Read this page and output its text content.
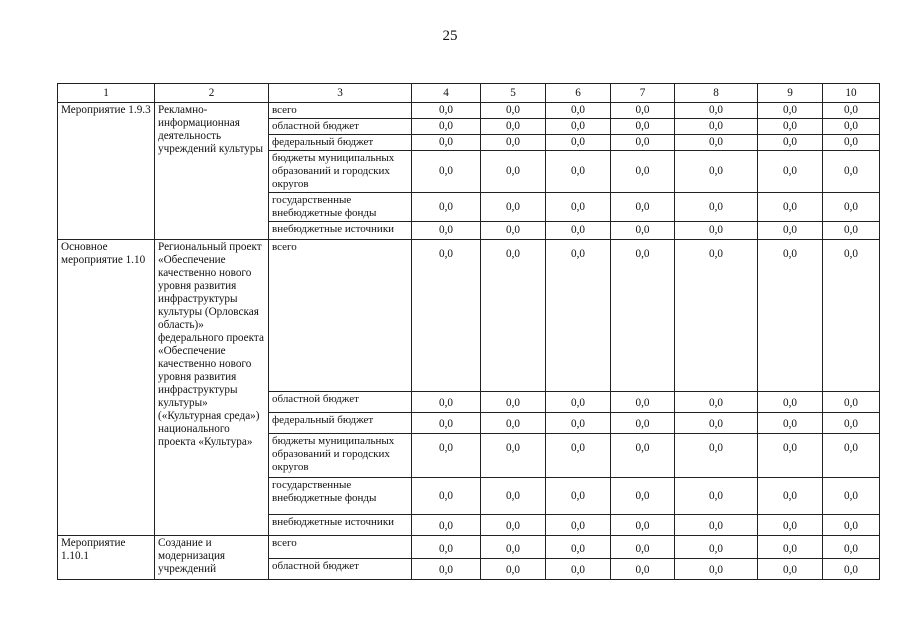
25
1	2	3	4	5	6	7	8	9	10
Мероприятие 1.9.3	Рекламно-информационная деятельность учреждений культуры	всего	0,0	0,0	0,0	0,0	0,0	0,0	0,0
		областной бюджет	0,0	0,0	0,0	0,0	0,0	0,0	0,0
		федеральный бюджет	0,0	0,0	0,0	0,0	0,0	0,0	0,0
		бюджеты муниципальных образований и городских округов	0,0	0,0	0,0	0,0	0,0	0,0	0,0
		государственные внебюджетные фонды	0,0	0,0	0,0	0,0	0,0	0,0	0,0
		внебюджетные источники	0,0	0,0	0,0	0,0	0,0	0,0	0,0
Основное мероприятие 1.10	Региональный проект «Обеспечение качественно нового уровня развития инфраструктуры культуры (Орловская область)» федерального проекта «Обеспечение качественно нового уровня развития инфраструктуры культуры» («Культурная среда») национального проекта «Культура»	всего	0,0	0,0	0,0	0,0	0,0	0,0	0,0
		областной бюджет	0,0	0,0	0,0	0,0	0,0	0,0	0,0
		федеральный бюджет	0,0	0,0	0,0	0,0	0,0	0,0	0,0
		бюджеты муниципальных образований и городских округов	0,0	0,0	0,0	0,0	0,0	0,0	0,0
		государственные внебюджетные фонды	0,0	0,0	0,0	0,0	0,0	0,0	0,0
		внебюджетные источники	0,0	0,0	0,0	0,0	0,0	0,0	0,0
Мероприятие 1.10.1	Создание и модернизация учреждений	всего	0,0	0,0	0,0	0,0	0,0	0,0	0,0
		областной бюджет	0,0	0,0	0,0	0,0	0,0	0,0	0,0
